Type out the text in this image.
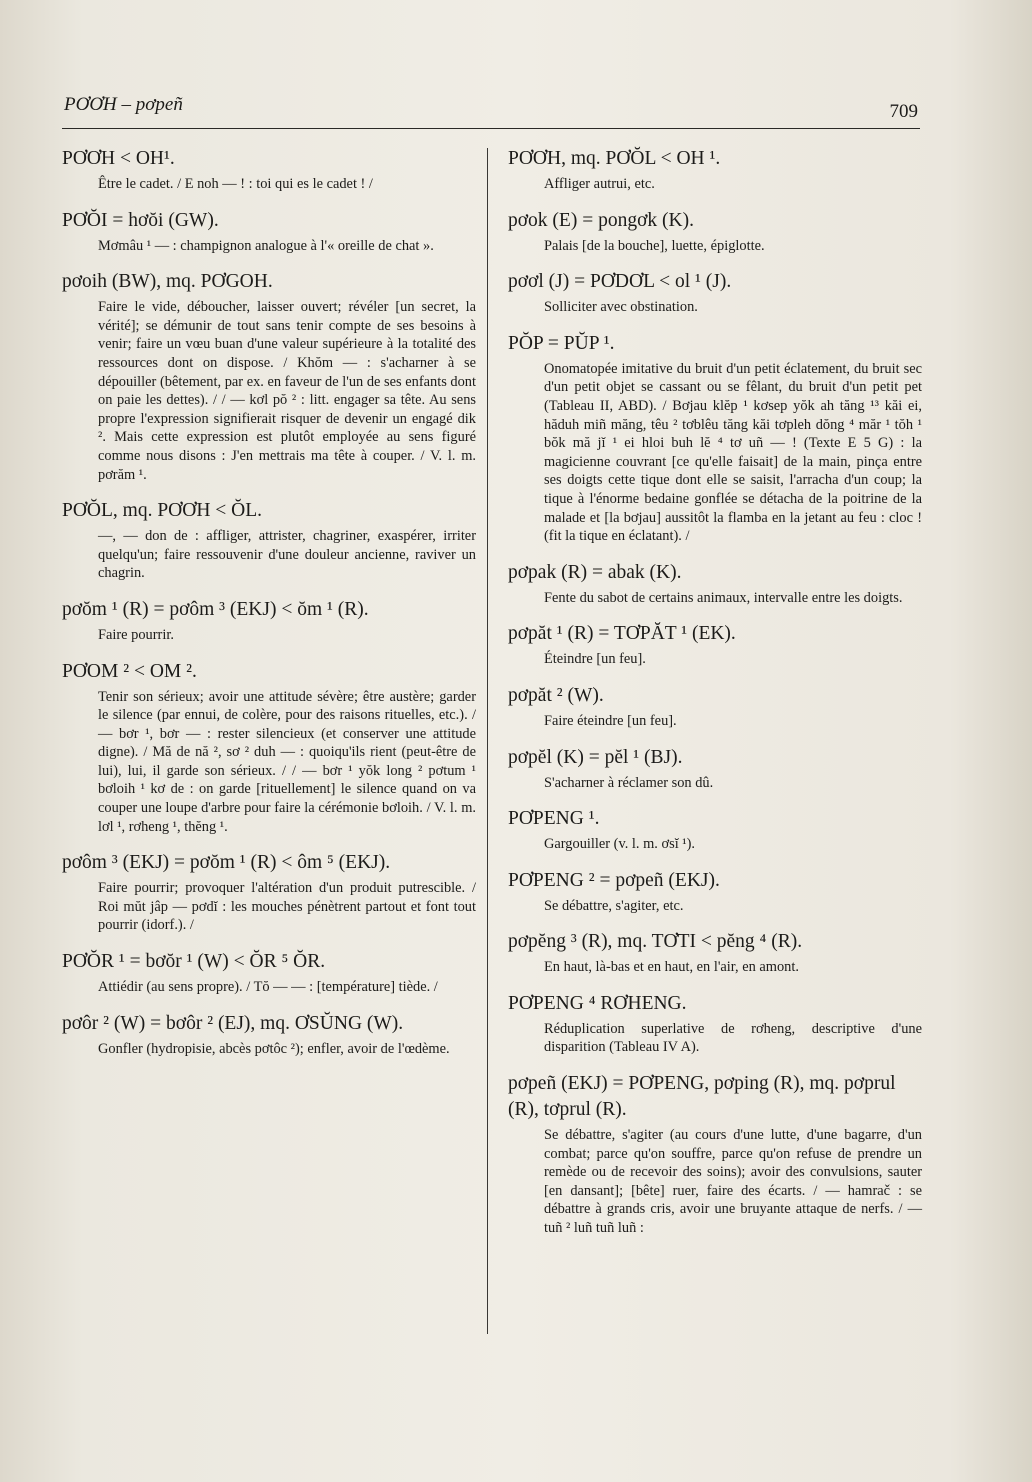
PƠƠH – pơpeñ	709
PƠƠH < OH¹.
Être le cadet. / E noh — ! : toi qui es le cadet ! /
PƠŎI = hơŏi (GW).
Mơmâu ¹ — : champignon analogue à l'« oreille de chat ».
pơoih (BW), mq. PƠGOH.
Faire le vide, déboucher, laisser ouvert; révéler [un secret, la vérité]; se démunir de tout sans tenir compte de ses besoins à venir; faire un vœu buan d'une valeur supérieure à la totalité des ressources dont on dispose. / Khŏm — : s'acharner à se dépouiller (bêtement, par ex. en faveur de l'un de ses enfants dont on paie les dettes). / / — kơl pŏ ² : litt. engager sa tête. Au sens propre l'expression signifierait risquer de devenir un engagé dik ². Mais cette expression est plutôt employée au sens figuré comme nous disons : J'en mettrais ma tête à couper. / V. l. m. pơrăm ¹.
PƠŎL, mq. PƠƠH < ŎL.
—, — don de : affliger, attrister, chagriner, exaspérer, irriter quelqu'un; faire ressouvenir d'une douleur ancienne, raviver un chagrin.
pơŏm ¹ (R) = pơôm ³ (EKJ) < ŏm ¹ (R).
Faire pourrir.
PƠOM ² < OM ².
Tenir son sérieux; avoir une attitude sévère; être austère; garder le silence (par ennui, de colère, pour des raisons rituelles, etc.). / — bơr ¹, bơr — : rester silencieux (et conserver une attitude digne). / Mă de nă ², sơ ² duh — : quoiqu'ils rient (peut-être de lui), lui, il garde son sérieux. / / — bơr ¹ yŏk long ² pơtum ¹ bơloih ¹ kơ de : on garde [rituellement] le silence quand on va couper une loupe d'arbre pour faire la cérémonie bơloih. / V. l. m. lơl ¹, rơheng ¹, thĕng ¹.
pơôm ³ (EKJ) = pơŏm ¹ (R) < ôm ⁵ (EKJ).
Faire pourrir; provoquer l'altération d'un produit putrescible. / Roi mŭt jâp — pơdĭ : les mouches pénètrent partout et font tout pourrir (idorf.). /
PƠŎR ¹ = bơŏr ¹ (W) < ŎR ⁵ ŎR.
Attiédir (au sens propre). / Tŏ — — : [température] tiède. /
pơôr ² (W) = bơôr ² (EJ), mq. ƠSŬNG (W).
Gonfler (hydropisie, abcès pơtôc ²); enfler, avoir de l'œdème.
PƠƠH, mq. PƠŎL < OH ¹.
Affliger autrui, etc.
pơok (E) = pongơk (K).
Palais [de la bouche], luette, épiglotte.
pơơl (J) = PƠDƠL < ol ¹ (J).
Solliciter avec obstination.
PŎP = PŬP ¹.
Onomatopée imitative du bruit d'un petit éclatement, du bruit sec d'un petit objet se cassant ou se fêlant, du bruit d'un petit pet (Tableau II, ABD). / Bơjau klĕp ¹ kơsep yŏk ah tăng ¹³ kăi ei, hăduh miñ măng, têu ² tơblêu tăng kăi tơpleh dŏng ⁴ măr ¹ tŏh ¹ bŏk mă jĭ ¹ ei hloi buh lĕ ⁴ tơ uñ — ! (Texte E 5 G) : la magicienne couvrant [ce qu'elle faisait] de la main, pinça entre ses doigts cette tique dont elle se saisit, l'arracha d'un coup; la tique à l'énorme bedaine gonflée se détacha de la poitrine de la malade et [la bơjau] aussitôt la flamba en la jetant au feu : cloc ! (fit la tique en éclatant). /
pơpak (R) = abak (K).
Fente du sabot de certains animaux, intervalle entre les doigts.
pơpăt ¹ (R) = TƠPĂT ¹ (EK).
Éteindre [un feu].
pơpăt ² (W).
Faire éteindre [un feu].
pơpĕl (K) = pĕl ¹ (BJ).
S'acharner à réclamer son dû.
PƠPENG ¹.
Gargouiller (v. l. m. ơsĭ ¹).
PƠPENG ² = pơpeñ (EKJ).
Se débattre, s'agiter, etc.
pơpĕng ³ (R), mq. TƠTI < pĕng ⁴ (R).
En haut, là-bas et en haut, en l'air, en amont.
PƠPENG ⁴ RƠHENG.
Réduplication superlative de rơheng, descriptive d'une disparition (Tableau IV A).
pơpeñ (EKJ) = PƠPENG, pơping (R), mq. pơprul (R), tơprul (R).
Se débattre, s'agiter (au cours d'une lutte, d'une bagarre, d'un combat; parce qu'on souffre, parce qu'on refuse de prendre un remède ou de recevoir des soins); avoir des convulsions, sauter [en dansant]; [bête] ruer, faire des écarts. / — hamrač : se débattre à grands cris, avoir une bruyante attaque de nerfs. / — tuñ ² luñ tuñ luñ :
